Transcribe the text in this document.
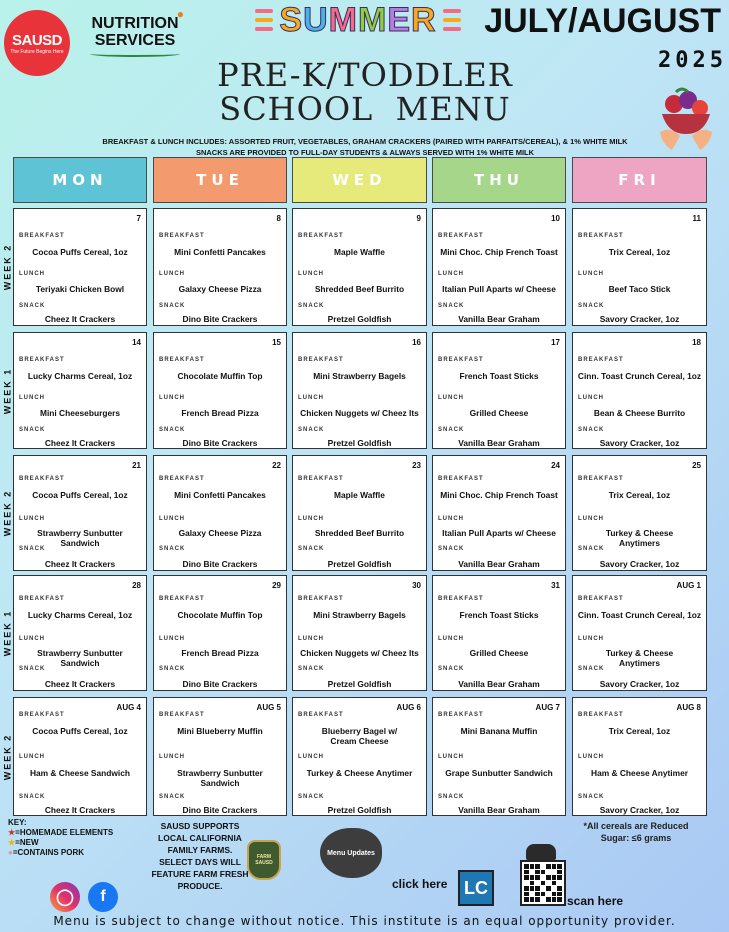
SAUSD
The Future Begins Here
●
NUTRITION
SERVICES
SUMMER JULY/AUGUST
2025
PRE-K/TODDLER
SCHOOL  MENU
BREAKFAST & LUNCH INCLUDES: ASSORTED FRUIT, VEGETABLES, GRAHAM CRACKERS (PAIRED WITH PARFAITS/CEREAL), & 1% WHITE MILK
SNACKS ARE PROVIDED TO FULL-DAY STUDENTS & ALWAYS SERVED WITH 1% WHITE MILK
MON	TUE	WED	THU	FRI
WEEK 2
7
BREAKFAST
Cocoa Puffs Cereal, 1oz
LUNCH
Teriyaki Chicken Bowl
SNACK
Cheez It Crackers
8
BREAKFAST
Mini Confetti Pancakes
LUNCH
Galaxy Cheese Pizza
SNACK
Dino Bite Crackers
9
BREAKFAST
Maple Waffle
LUNCH
Shredded Beef Burrito
SNACK
Pretzel Goldfish
10
BREAKFAST
Mini Choc. Chip French Toast
LUNCH
Italian Pull Aparts w/ Cheese
SNACK
Vanilla Bear Graham
11
BREAKFAST
Trix Cereal, 1oz
LUNCH
Beef Taco Stick
SNACK
Savory Cracker, 1oz
WEEK 1
14
BREAKFAST
Lucky Charms Cereal, 1oz
LUNCH
Mini Cheeseburgers
SNACK
Cheez It Crackers
15
BREAKFAST
Chocolate Muffin Top
LUNCH
French Bread Pizza
SNACK
Dino Bite Crackers
16
BREAKFAST
Mini Strawberry Bagels
LUNCH
Chicken Nuggets w/ Cheez Its
SNACK
Pretzel Goldfish
17
BREAKFAST
French Toast Sticks
LUNCH
Grilled Cheese
SNACK
Vanilla Bear Graham
18
BREAKFAST
Cinn. Toast Crunch Cereal, 1oz
LUNCH
Bean & Cheese Burrito
SNACK
Savory Cracker, 1oz
WEEK 2
21
BREAKFAST
Cocoa Puffs Cereal, 1oz
LUNCH
Strawberry Sunbutter Sandwich
SNACK
Cheez It Crackers
22
BREAKFAST
Mini Confetti Pancakes
LUNCH
Galaxy Cheese Pizza
SNACK
Dino Bite Crackers
23
BREAKFAST
Maple Waffle
LUNCH
Shredded Beef Burrito
SNACK
Pretzel Goldfish
24
BREAKFAST
Mini Choc. Chip French Toast
LUNCH
Italian Pull Aparts w/ Cheese
SNACK
Vanilla Bear Graham
25
BREAKFAST
Trix Cereal, 1oz
LUNCH
Turkey & Cheese Anytimers
SNACK
Savory Cracker, 1oz
WEEK 1
28
BREAKFAST
Lucky Charms Cereal, 1oz
LUNCH
Strawberry Sunbutter Sandwich
SNACK
Cheez It Crackers
29
BREAKFAST
Chocolate Muffin Top
LUNCH
French Bread Pizza
SNACK
Dino Bite Crackers
30
BREAKFAST
Mini Strawberry Bagels
LUNCH
Chicken Nuggets w/ Cheez Its
SNACK
Pretzel Goldfish
31
BREAKFAST
French Toast Sticks
LUNCH
Grilled Cheese
SNACK
Vanilla Bear Graham
AUG 1
BREAKFAST
Cinn. Toast Crunch Cereal, 1oz
LUNCH
Turkey & Cheese Anytimers
SNACK
Savory Cracker, 1oz
WEEK 2
AUG 4
BREAKFAST
Cocoa Puffs Cereal, 1oz
LUNCH
Ham & Cheese Sandwich
SNACK
Cheez It Crackers
AUG 5
BREAKFAST
Mini Blueberry Muffin
LUNCH
Strawberry Sunbutter Sandwich
SNACK
Dino Bite Crackers
AUG 6
BREAKFAST
Blueberry Bagel w/ Cream Cheese
LUNCH
Turkey & Cheese Anytimer
SNACK
Pretzel Goldfish
AUG 7
BREAKFAST
Mini Banana Muffin
LUNCH
Grape Sunbutter Sandwich
SNACK
Vanilla Bear Graham
AUG 8
BREAKFAST
Trix Cereal, 1oz
LUNCH
Ham & Cheese Anytimer
SNACK
Savory Cracker, 1oz
KEY:
★=HOMEMADE ELEMENTS
★=NEW
●=CONTAINS PORK
SAUSD SUPPORTS LOCAL CALIFORNIA FAMILY FARMS. SELECT DAYS WILL FEATURE FARM FRESH PRODUCE.
FARM SAUSD
Menu Updates
click here LC
scan here
*All cereals are Reduced Sugar: ≤6 grams
◯	f
Menu is subject to change without notice. This institute is an equal opportunity provider.
